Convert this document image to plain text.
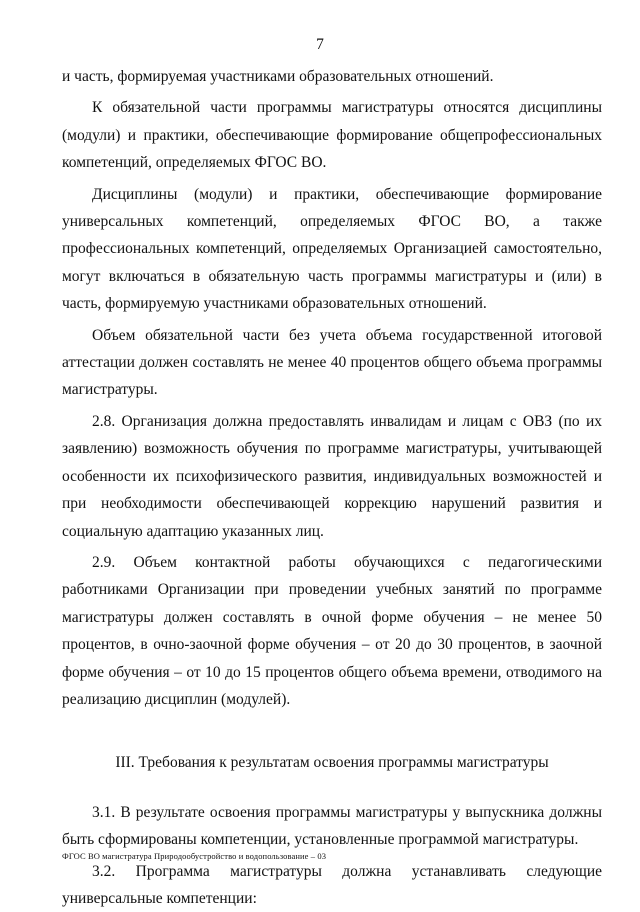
7

и часть, формируемая участниками образовательных отношений.

К обязательной части программы магистратуры относятся дисциплины (модули) и практики, обеспечивающие формирование общепрофессиональных компетенций, определяемых ФГОС ВО.

Дисциплины (модули) и практики, обеспечивающие формирование универсальных компетенций, определяемых ФГОС ВО, а также профессиональных компетенций, определяемых Организацией самостоятельно, могут включаться в обязательную часть программы магистратуры и (или) в часть, формируемую участниками образовательных отношений.

Объем обязательной части без учета объема государственной итоговой аттестации должен составлять не менее 40 процентов общего объема программы магистратуры.

2.8. Организация должна предоставлять инвалидам и лицам с ОВЗ (по их заявлению) возможность обучения по программе магистратуры, учитывающей особенности их психофизического развития, индивидуальных возможностей и при необходимости обеспечивающей коррекцию нарушений развития и социальную адаптацию указанных лиц.

2.9. Объем контактной работы обучающихся с педагогическими работниками Организации при проведении учебных занятий по программе магистратуры должен составлять в очной форме обучения – не менее 50 процентов, в очно-заочной форме обучения – от 20 до 30 процентов, в заочной форме обучения – от 10 до 15 процентов общего объема времени, отводимого на реализацию дисциплин (модулей).

III. Требования к результатам освоения программы магистратуры

3.1. В результате освоения программы магистратуры у выпускника должны быть сформированы компетенции, установленные программой магистратуры.

3.2. Программа магистратуры должна устанавливать следующие универсальные компетенции:

ФГОС ВО магистратура Природообустройство и водопользование – 03
